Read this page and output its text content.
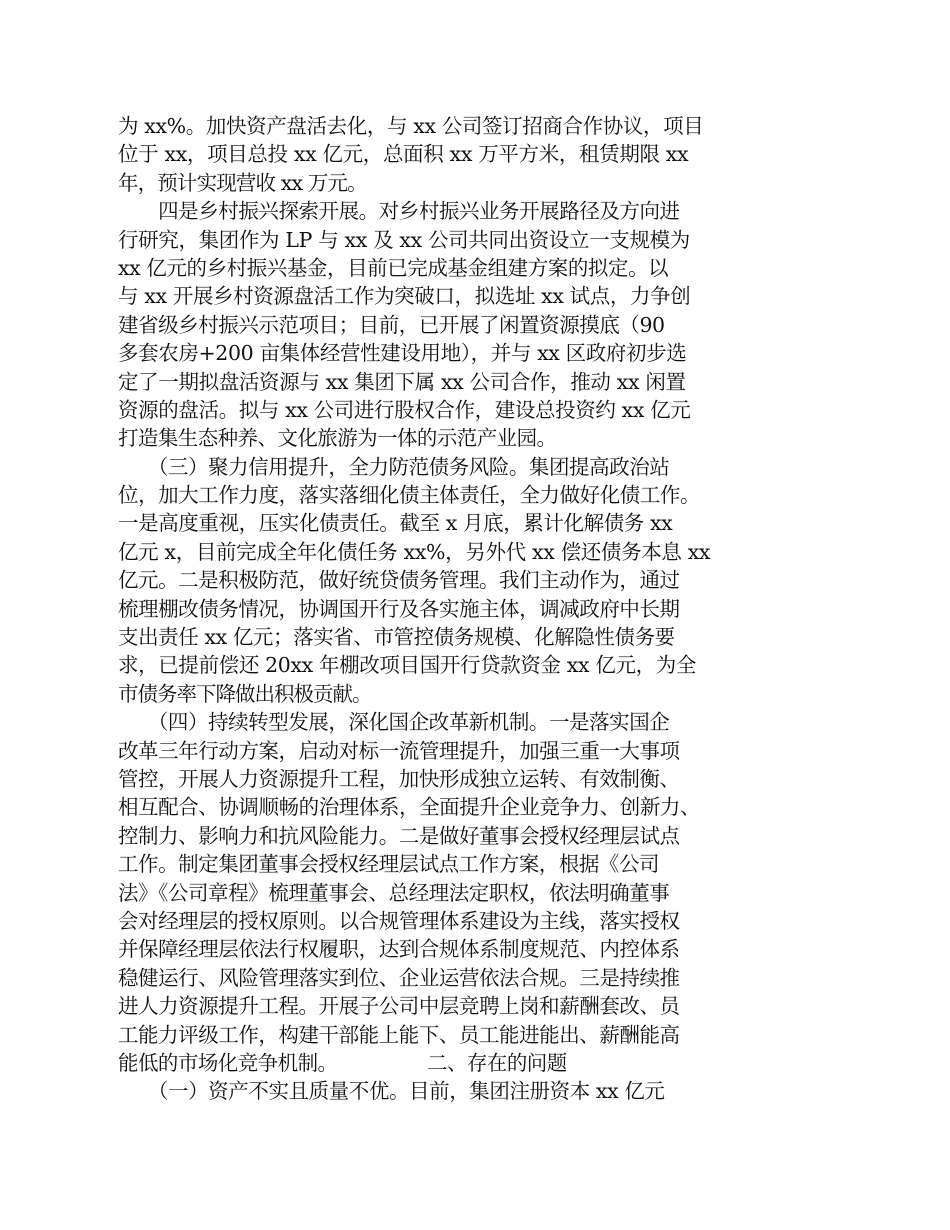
为 xx%。加快资产盘活去化，与 xx 公司签订招商合作协议，项目
位于 xx，项目总投 xx 亿元，总面积 xx 万平方米，租赁期限 xx
年，预计实现营收 xx 万元。
　　四是乡村振兴探索开展。对乡村振兴业务开展路径及方向进
行研究，集团作为 LP 与 xx 及 xx 公司共同出资设立一支规模为
xx 亿元的乡村振兴基金，目前已完成基金组建方案的拟定。以
与 xx 开展乡村资源盘活工作为突破口，拟选址 xx 试点，力争创
建省级乡村振兴示范项目；目前，已开展了闲置资源摸底（90
多套农房+200 亩集体经营性建设用地），并与 xx 区政府初步选
定了一期拟盘活资源与 xx 集团下属 xx 公司合作，推动 xx 闲置
资源的盘活。拟与 xx 公司进行股权合作，建设总投资约 xx 亿元
打造集生态种养、文化旅游为一体的示范产业园。
　　（三）聚力信用提升，全力防范债务风险。集团提高政治站
位，加大工作力度，落实落细化债主体责任，全力做好化债工作。
一是高度重视，压实化债责任。截至 x 月底，累计化解债务 xx
亿元 x，目前完成全年化债任务 xx%，另外代 xx 偿还债务本息 xx
亿元。二是积极防范，做好统贷债务管理。我们主动作为，通过
梳理棚改债务情况，协调国开行及各实施主体，调减政府中长期
支出责任 xx 亿元；落实省、市管控债务规模、化解隐性债务要
求，已提前偿还 20xx 年棚改项目国开行贷款资金 xx 亿元，为全
市债务率下降做出积极贡献。
　　（四）持续转型发展，深化国企改革新机制。一是落实国企
改革三年行动方案，启动对标一流管理提升，加强三重一大事项
管控，开展人力资源提升工程，加快形成独立运转、有效制衡、
相互配合、协调顺畅的治理体系，全面提升企业竞争力、创新力、
控制力、影响力和抗风险能力。二是做好董事会授权经理层试点
工作。制定集团董事会授权经理层试点工作方案，根据《公司
法》《公司章程》梳理董事会、总经理法定职权，依法明确董事
会对经理层的授权原则。以合规管理体系建设为主线，落实授权
并保障经理层依法行权履职，达到合规体系制度规范、内控体系
稳健运行、风险管理落实到位、企业运营依法合规。三是持续推
进人力资源提升工程。开展子公司中层竞聘上岗和薪酬套改、员
工能力评级工作，构建干部能上能下、员工能进能出、薪酬能高
能低的市场化竞争机制。　　　　　二、存在的问题
　　（一）资产不实且质量不优。目前，集团注册资本 xx 亿元
